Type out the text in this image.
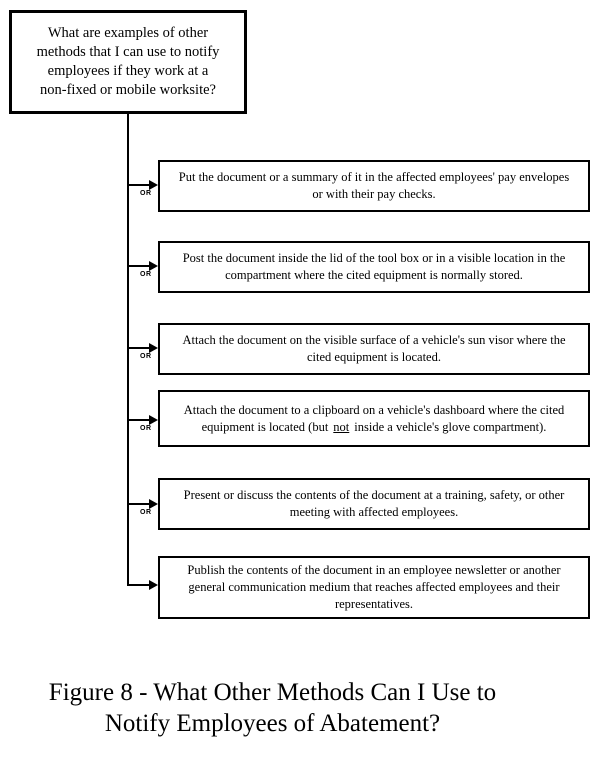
What are examples of other
methods that I can use to notify
employees if they work at a
non-fixed or mobile worksite?
OR
OR
OR
OR
OR
Put the document or a summary of it in the affected employees' pay envelopes
or with their pay checks.
Post the document inside the lid of the tool box or in a visible location in the
compartment where the cited equipment is normally stored.
Attach the document on the visible surface of a vehicle's sun visor where the
cited equipment is located.
Attach the document to a clipboard on a vehicle's dashboard where the cited
equipment is located (but not inside a vehicle's glove compartment).
Present or discuss the contents of the document at a training, safety, or other
meeting with affected employees.
Publish the contents of the document in an employee newsletter or another
general communication medium that reaches affected employees and their
representatives.
Figure 8 - What Other Methods Can I Use to
Notify Employees of Abatement?
